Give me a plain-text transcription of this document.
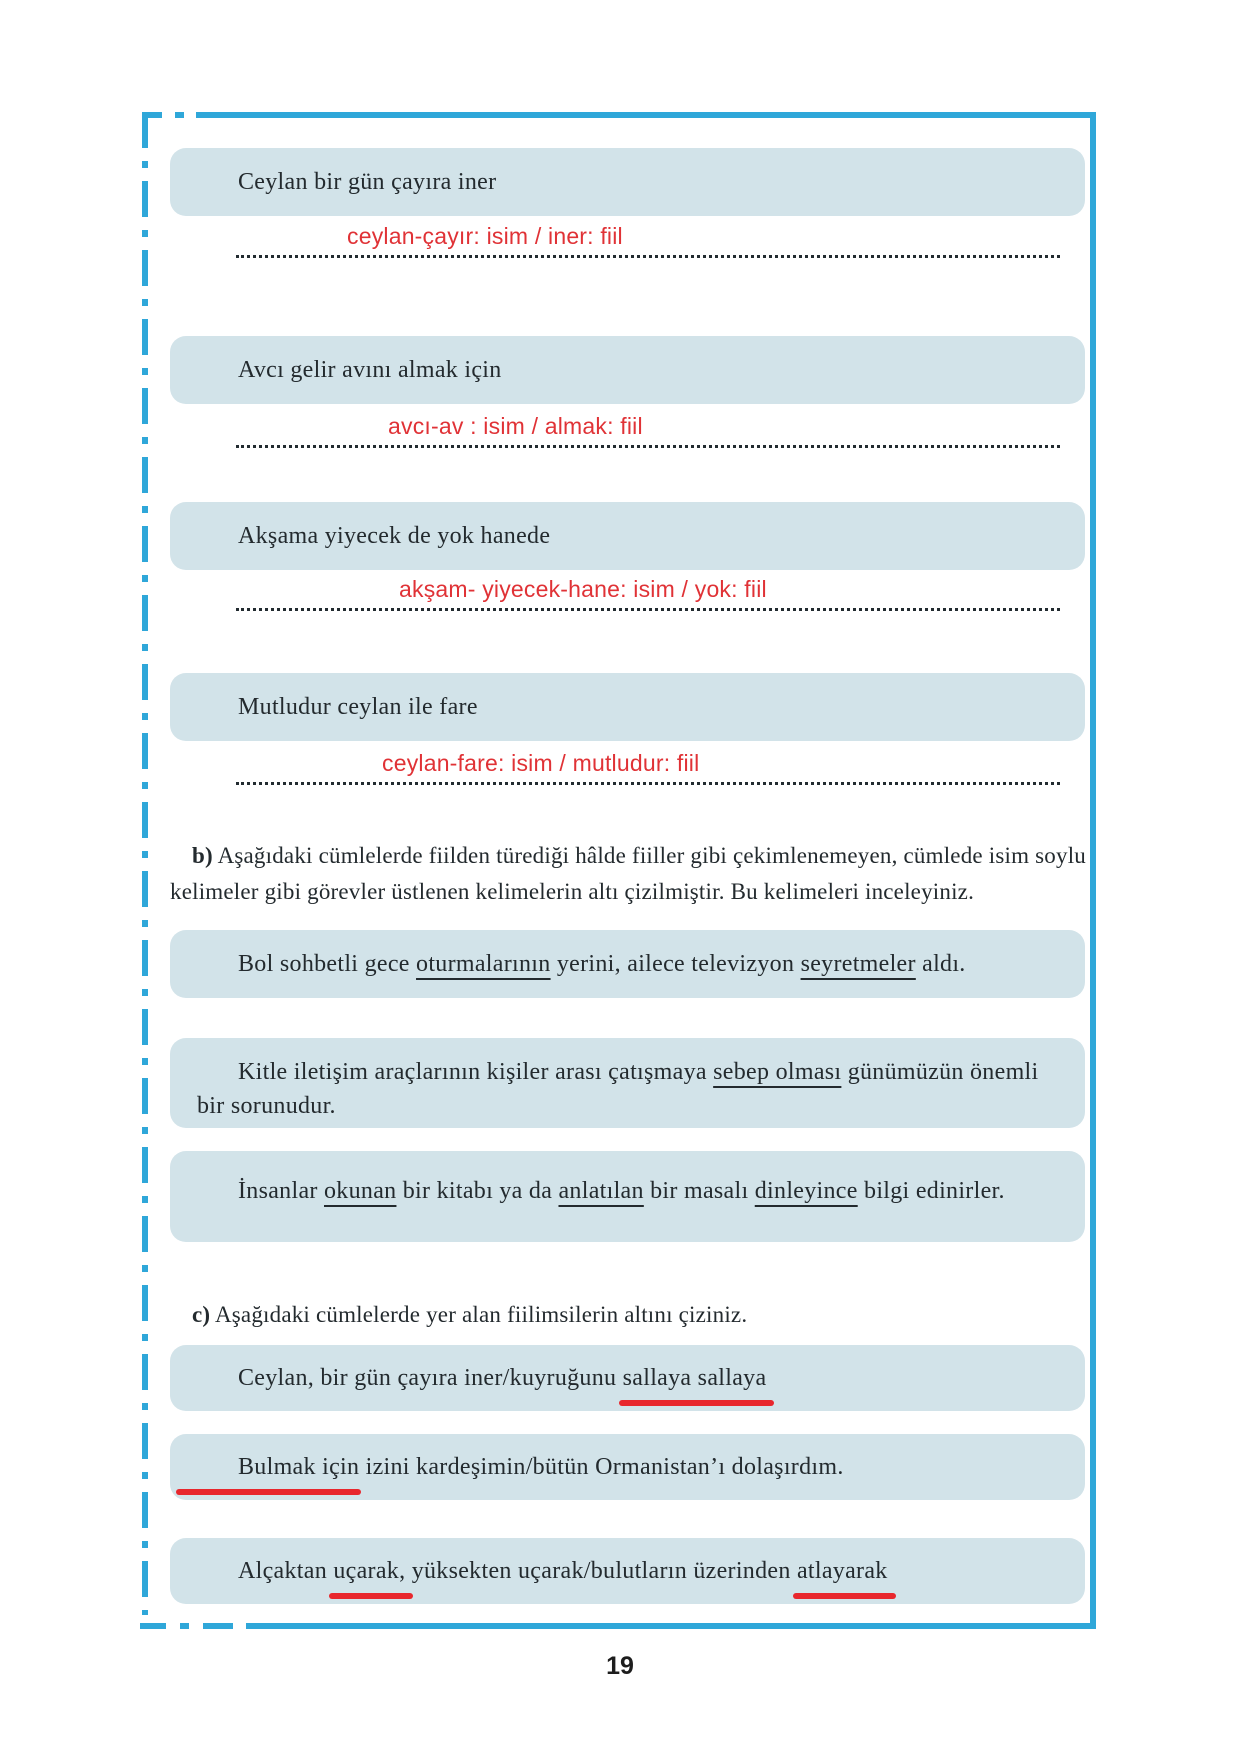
Ceylan bir gün çayıra iner
ceylan-çayır: isim / iner: fiil
Avcı gelir avını almak için
avcı-av : isim / almak: fiil
Akşama yiyecek de yok hanede
akşam- yiyecek-hane: isim / yok: fiil
Mutludur ceylan ile fare
ceylan-fare: isim / mutludur: fiil

b) Aşağıdaki cümlelerde fiilden türediği hâlde fiiller gibi çekimlenemeyen, cümlede isim soylu kelimeler gibi görevler üstlenen kelimelerin altı çizilmiştir. Bu kelimeleri inceleyiniz.

Bol sohbetli gece oturmalarının yerini, ailece televizyon seyretmeler aldı.
Kitle iletişim araçlarının kişiler arası çatışmaya sebep olması günümüzün önemli
bir sorunudur.
İnsanlar okunan bir kitabı ya da anlatılan bir masalı dinleyince bilgi edinirler.

c) Aşağıdaki cümlelerde yer alan fiilimsilerin altını çiziniz.

Ceylan, bir gün çayıra iner/kuyruğunu sallaya sallaya
Bulmak için izini kardeşimin/bütün Ormanistan’ı dolaşırdım.
Alçaktan uçarak, yüksekten uçarak/bulutların üzerinden atlayarak
19
